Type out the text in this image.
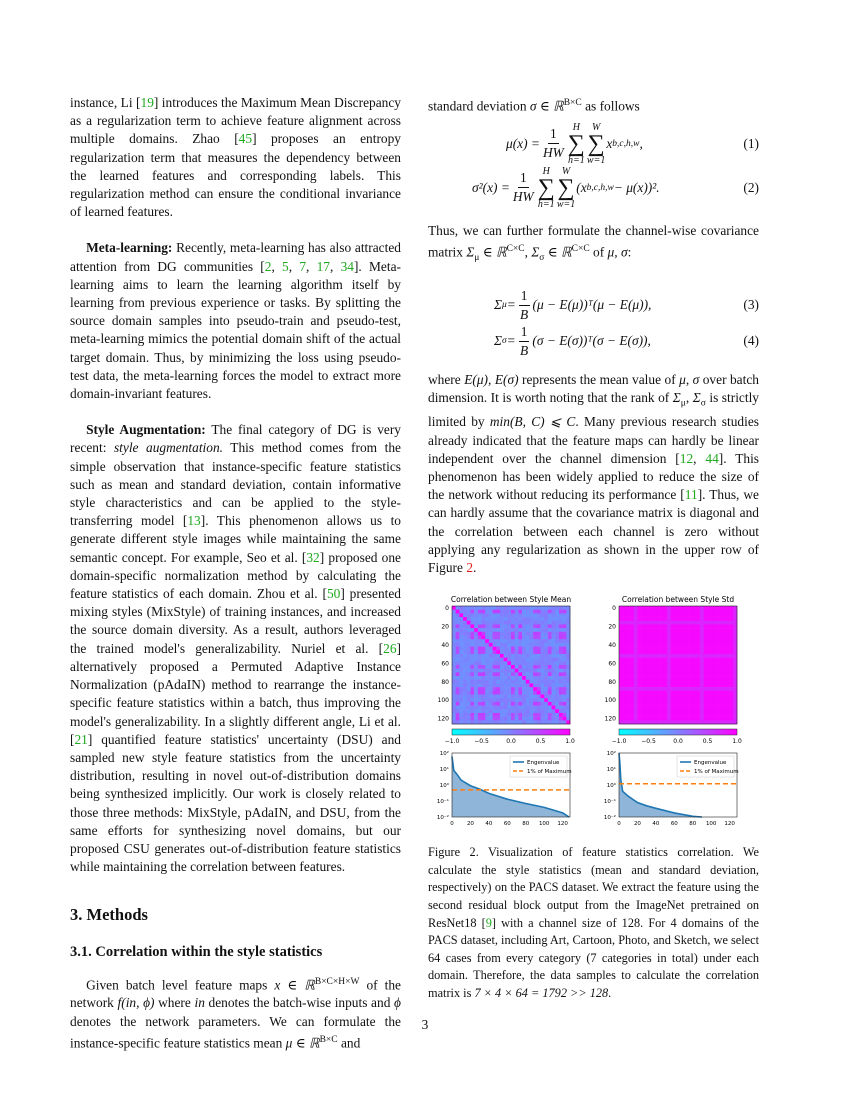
instance, Li [19] introduces the Maximum Mean Discrepancy as a regularization term to achieve feature alignment across multiple domains. Zhao [45] proposes an entropy regularization term that measures the dependency between the learned features and corresponding labels. This regularization method can ensure the conditional invariance of learned features.

Meta-learning: Recently, meta-learning has also attracted attention from DG communities [2, 5, 7, 17, 34]. Meta-learning aims to learn the learning algorithm itself by learning from previous experience or tasks. By splitting the source domain samples into pseudo-train and pseudo-test, meta-learning mimics the potential domain shift of the actual target domain. Thus, by minimizing the loss using pseudo-test data, the meta-learning forces the model to extract more domain-invariant features.

Style Augmentation: The final category of DG is very recent: style augmentation. This method comes from the simple observation that instance-specific feature statistics such as mean and standard deviation, contain informative style characteristics and can be applied to the style-transferring model [13]. This phenomenon allows us to generate different style images while maintaining the same semantic concept. For example, Seo et al. [32] proposed one domain-specific normalization method by calculating the feature statistics of each domain. Zhou et al. [50] presented mixing styles (MixStyle) of training instances, and increased the source domain diversity. As a result, authors leveraged the trained model's generalizability. Nuriel et al. [26] alternatively proposed a Permuted Adaptive Instance Normalization (pAdaIN) method to rearrange the instance-specific feature statistics within a batch, thus improving the model's generalizability. In a slightly different angle, Li et al. [21] quantified feature statistics' uncertainty (DSU) and sampled new style feature statistics from the uncertainty distribution, resulting in novel out-of-distribution domains being synthesized implicitly. Our work is closely related to those three methods: MixStyle, pAdaIN, and DSU, from the same efforts for synthesizing novel domains, but our proposed CSU generates out-of-distribution feature statistics while maintaining the correlation between features.

3. Methods
3.1. Correlation within the style statistics

Given batch level feature maps x ∈ ℝ$^{B\times C\times H\times W}$ of the network f(in, ϕ) where in denotes the batch-wise inputs and ϕ denotes the network parameters. We can formulate the instance-specific feature statistics mean μ ∈ ℝ$^{B\times C}$ and

standard deviation σ ∈ ℝ$^{B\times C}$ as follows

$\mu(x) = \frac{1}{HW}$ H
∑
h=1
W
∑
w=1
x b,c,h,w ,	(1)
$\sigma^2(x) = \frac{1}{HW}$ H
∑
h=1
W
∑
w=1
(x b,c,h,w − μ(x))².	(2)

Thus, we can further formulate the channel-wise covariance matrix $\Sigma_\mu$ ∈ ℝ$^{C\times C}$, $\Sigma_\sigma$ ∈ ℝ$^{C\times C}$ of μ, σ:

Σ $\mu = \frac{1}{B} (\mu$ − E(μ))ᵀ(μ − E(μ)),	(3)
Σ $\sigma = \frac{1}{B} (\sigma$ − E(σ))ᵀ(σ − E(σ)),	(4)

where E(μ), E(σ) represents the mean value of μ, σ over batch dimension. It is worth noting that the rank of $\Sigma_\mu$, $\Sigma_\sigma$ is strictly limited by min(B, C) ⩽ C. Many previous research studies already indicated that the feature maps can hardly be linear independent over the channel dimension [12, 44]. This phenomenon has been widely applied to reduce the size of the network without reducing its performance [11]. Thus, we can hardly assume that the covariance matrix is diagonal and the correlation between each channel is zero without applying any regularization as shown in the upper row of Figure 2.

Correlation between Style Mean
0
20
40
60
80
100
120
−1.0 −0.5	0.0	0.5	1.0
Correlation between Style Std
0
20
40
60
80
100
120
−1.0 −0.5	0.0	0.5	1.0
10²
10¹
10⁰
10⁻¹
10⁻²
0 20 40 60 80 100 120
Engenvalue
1% of Maximum
10²
10¹
10⁰
10⁻¹
10⁻²
0 20 40 60 80 100 120
Engenvalue
1% of Maximum

Figure 2. Visualization of feature statistics correlation. We calculate the style statistics (mean and standard deviation, respectively) on the PACS dataset. We extract the feature using the second residual block output from the ImageNet pretrained on ResNet18 [9] with a channel size of 128. For 4 domains of the PACS dataset, including Art, Cartoon, Photo, and Sketch, we select 64 cases from every category (7 categories in total) under each domain. Therefore, the data samples to calculate the correlation matrix is 7 × 4 × 64 = 1792 >> 128.

3
